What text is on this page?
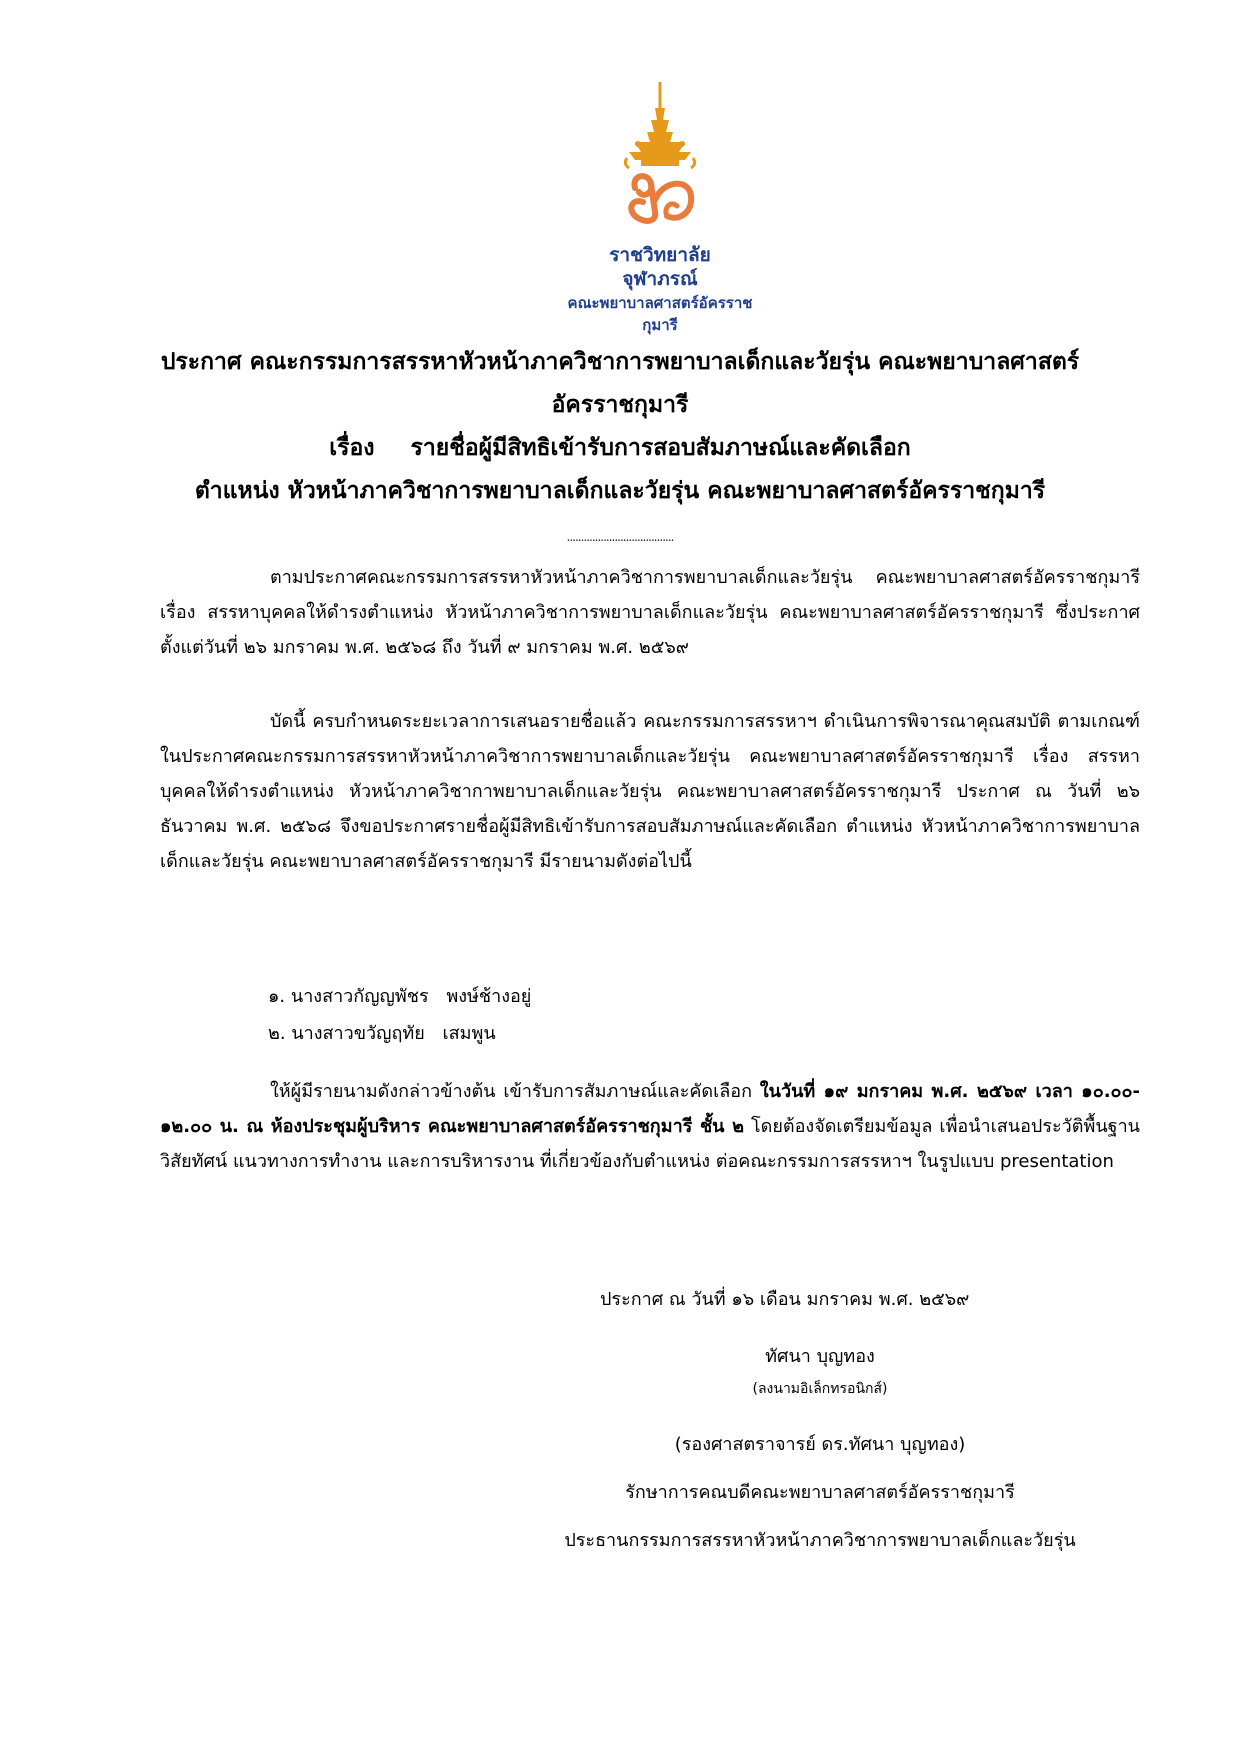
ราชวิทยาลัย
จุฬาภรณ์
คณะพยาบาลศาสตร์อัครราชกุมารี
ประกาศ คณะกรรมการสรรหาหัวหน้าภาควิชาการพยาบาลเด็กและวัยรุ่น คณะพยาบาลศาสตร์
อัครราชกุมารี
เรื่อง รายชื่อผู้มีสิทธิเข้ารับการสอบสัมภาษณ์และคัดเลือก
ตำแหน่ง หัวหน้าภาควิชาการพยาบาลเด็กและวัยรุ่น คณะพยาบาลศาสตร์อัครราชกุมารี
......................................
ตามประกาศคณะกรรมการสรรหาหัวหน้าภาควิชาการพยาบาลเด็กและวัยรุ่น คณะพยาบาลศาสตร์อัครราชกุมารี เรื่อง สรรหาบุคคลให้ดำรงตำแหน่ง หัวหน้าภาควิชาการพยาบาลเด็กและวัยรุ่น คณะพยาบาลศาสตร์อัครราชกุมารี ซึ่งประกาศตั้งแต่วันที่ ๒๖ มกราคม พ.ศ. ๒๕๖๘ ถึง วันที่ ๙ มกราคม พ.ศ. ๒๕๖๙
บัดนี้ ครบกำหนดระยะเวลาการเสนอรายชื่อแล้ว คณะกรรมการสรรหาฯ ดำเนินการพิจารณาคุณสมบัติ ตามเกณฑ์ในประกาศคณะกรรมการสรรหาหัวหน้าภาควิชาการพยาบาลเด็กและวัยรุ่น คณะพยาบาลศาสตร์อัครราชกุมารี เรื่อง สรรหาบุคคลให้ดำรงตำแหน่ง หัวหน้าภาควิชากาพยาบาลเด็กและวัยรุ่น คณะพยาบาลศาสตร์อัครราชกุมารี ประกาศ ณ วันที่ ๒๖ ธันวาคม พ.ศ. ๒๕๖๘ จึงขอประกาศรายชื่อผู้มีสิทธิเข้ารับการสอบสัมภาษณ์และคัดเลือก ตำแหน่ง หัวหน้าภาควิชาการพยาบาลเด็กและวัยรุ่น คณะพยาบาลศาสตร์อัครราชกุมารี มีรายนามดังต่อไปนี้
๑. นางสาวกัญญพัชร พงษ์ช้างอยู่
๒. นางสาวขวัญฤทัย เสมพูน
ให้ผู้มีรายนามดังกล่าวข้างต้น เข้ารับการสัมภาษณ์และคัดเลือก ในวันที่ ๑๙ มกราคม พ.ศ. ๒๕๖๙ เวลา ๑๐.๐๐- ๑๒.๐๐ น. ณ ห้องประชุมผู้บริหาร คณะพยาบาลศาสตร์อัครราชกุมารี ชั้น ๒ โดยต้องจัดเตรียมข้อมูล เพื่อนำเสนอประวัติพื้นฐาน วิสัยทัศน์ แนวทางการทำงาน และการบริหารงาน ที่เกี่ยวข้องกับตำแหน่ง ต่อคณะกรรมการสรรหาฯ ในรูปแบบ presentation
ประกาศ ณ วันที่ ๑๖ เดือน มกราคม พ.ศ. ๒๕๖๙
ทัศนา บุญทอง
(ลงนามอิเล็กทรอนิกส์)
(รองศาสตราจารย์ ดร.ทัศนา บุญทอง)
รักษาการคณบดีคณะพยาบาลศาสตร์อัครราชกุมารี
ประธานกรรมการสรรหาหัวหน้าภาควิชาการพยาบาลเด็กและวัยรุ่น
